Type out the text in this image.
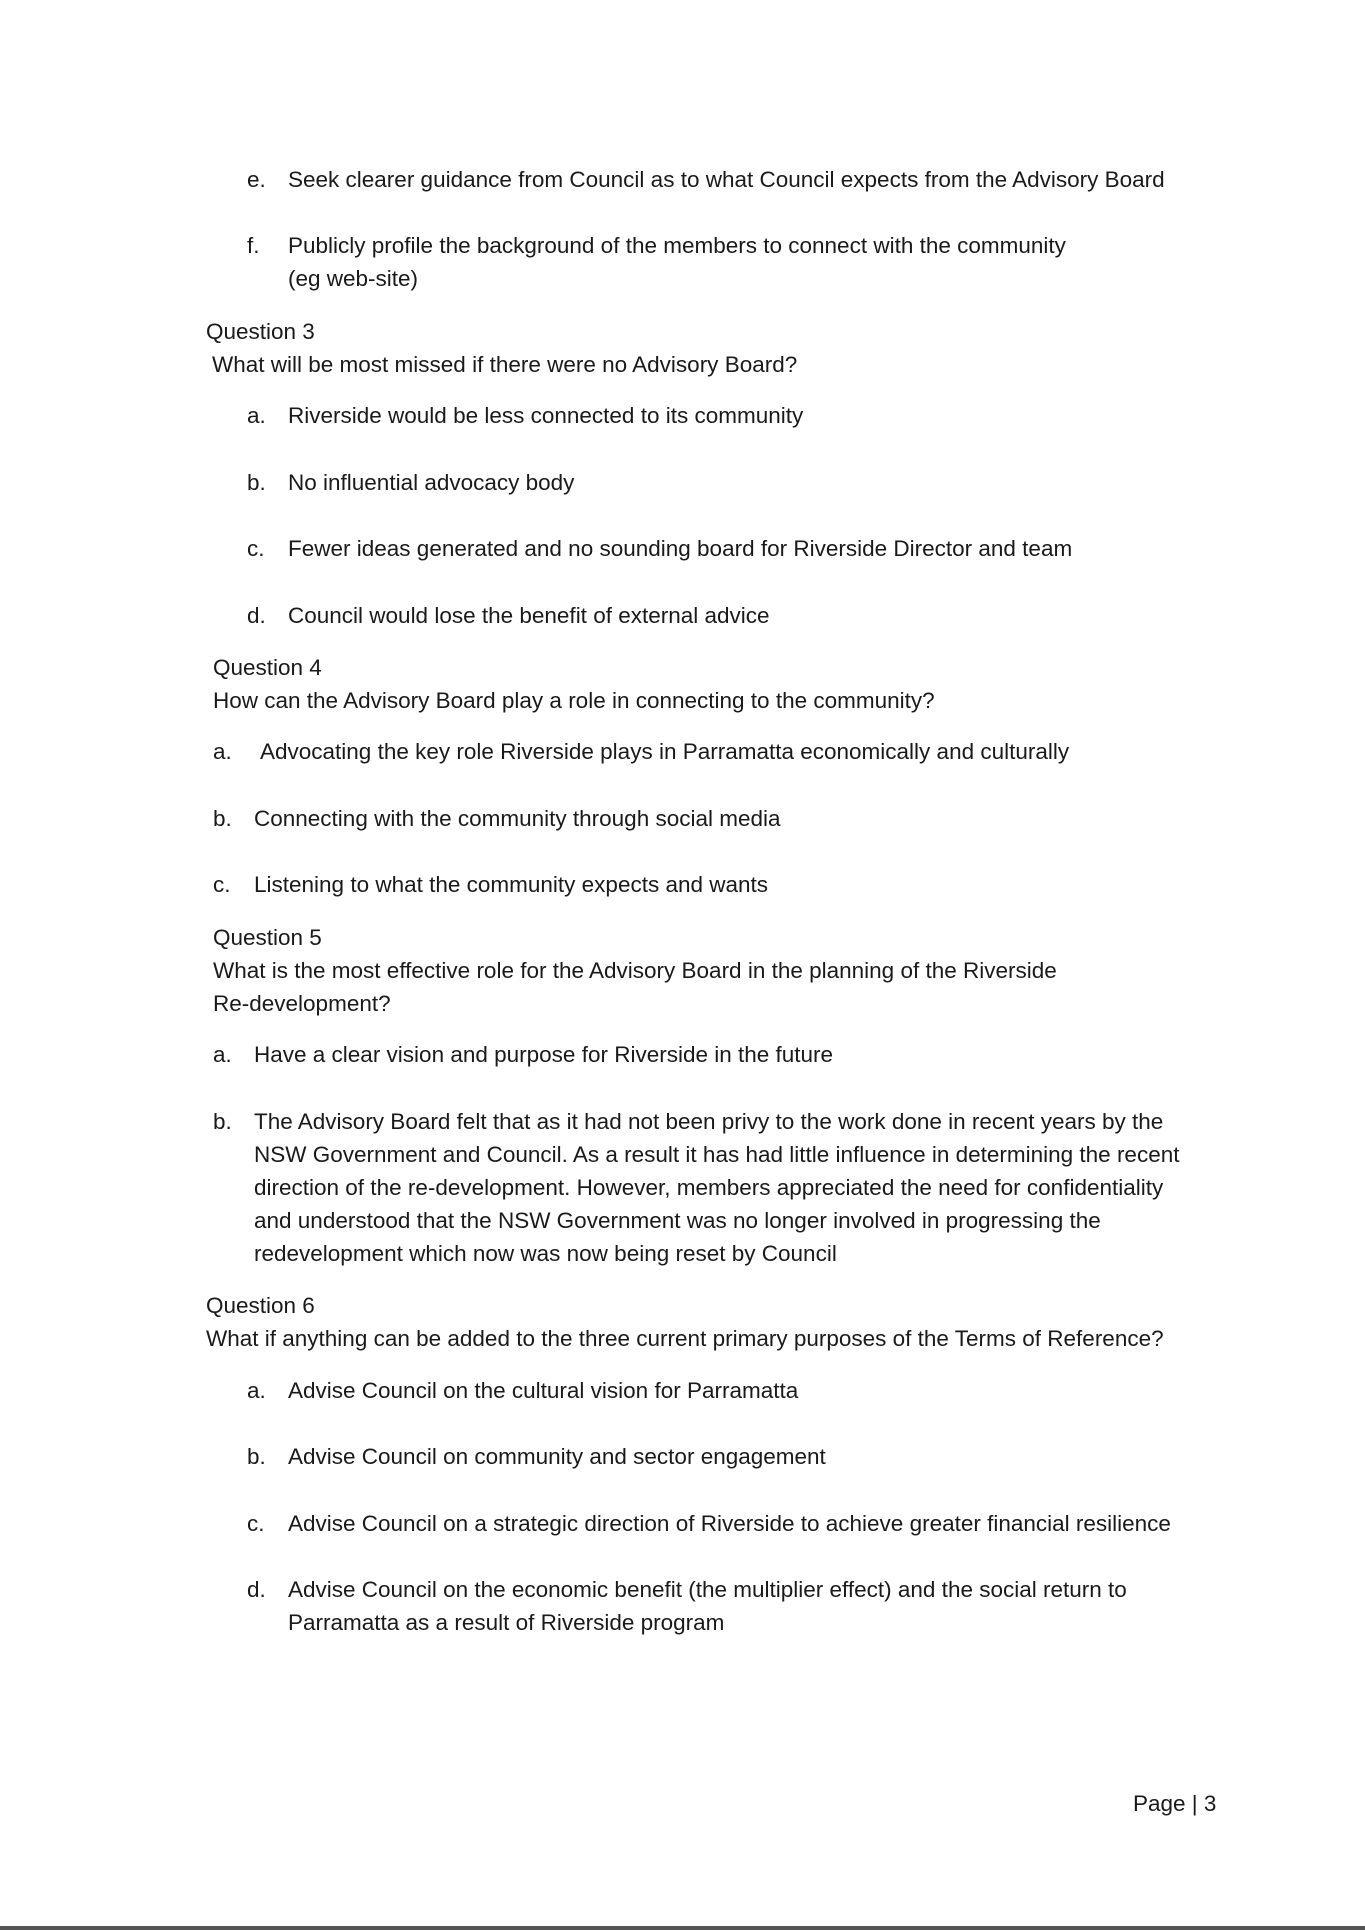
e. Seek clearer guidance from Council as to what Council expects from the Advisory Board
f. Publicly profile the background of the members to connect with the community
(eg web-site)

Question 3

What will be most missed if there were no Advisory Board?

a. Riverside would be less connected to its community
b. No influential advocacy body
c. Fewer ideas generated and no sounding board for Riverside Director and team
d. Council would lose the benefit of external advice

Question 4

How can the Advisory Board play a role in connecting to the community?

a. Advocating the key role Riverside plays in Parramatta economically and culturally
b. Connecting with the community through social media
c. Listening to what the community expects and wants

Question 5

What is the most effective role for the Advisory Board in the planning of the Riverside

Re-development?

a. Have a clear vision and purpose for Riverside in the future
b. The Advisory Board felt that as it had not been privy to the work done in recent years by the
NSW Government and Council. As a result it has had little influence in determining the recent
direction of the re-development. However, members appreciated the need for confidentiality
and understood that the NSW Government was no longer involved in progressing the
redevelopment which now was now being reset by Council

Question 6

What if anything can be added to the three current primary purposes of the Terms of Reference?

a. Advise Council on the cultural vision for Parramatta
b. Advise Council on community and sector engagement
c. Advise Council on a strategic direction of Riverside to achieve greater financial resilience
d. Advise Council on the economic benefit (the multiplier effect) and the social return to
Parramatta as a result of Riverside program
Page | 3
